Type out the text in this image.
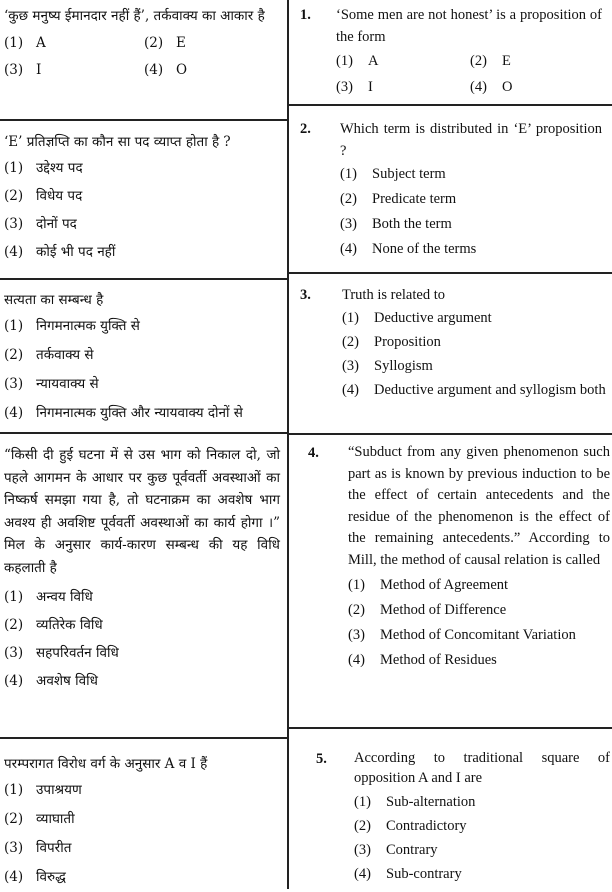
‘कुछ मनुष्य ईमानदार नहीं हैं’, तर्कवाक्य का आकार है

(1) A	(2) E
(3) I	(4) O

‘E’ प्रतिज्ञप्ति का कौन सा पद व्याप्त होता है ?

(1) उद्देश्य पद
(2) विधेय पद
(3) दोनों पद
(4) कोई भी पद नहीं

सत्यता का सम्बन्ध है

(1) निगमनात्मक युक्ति से
(2) तर्कवाक्य से
(3) न्यायवाक्य से
(4) निगमनात्मक युक्ति और न्यायवाक्य दोनों से

“किसी दी हुई घटना में से उस भाग को निकाल दो, जो पहले आगमन के आधार पर कुछ पूर्ववर्ती अवस्थाओं का निष्कर्ष समझा गया है, तो घटनाक्रम का अवशेष भाग अवश्य ही अवशिष्ट पूर्ववर्ती अवस्थाओं का कार्य होगा ।” मिल के अनुसार कार्य-कारण सम्बन्ध की यह विधि कहलाती है

(1) अन्वय विधि
(2) व्यतिरेक विधि
(3) सहपरिवर्तन विधि
(4) अवशेष विधि

परम्परागत विरोध वर्ग के अनुसार A व I हैं

(1) उपाश्रयण
(2) व्याघाती
(3) विपरीत
(4) विरुद्ध
1. ‘Some men are not honest’ is a proposition of the form

(1)	A	(2)	E
(3)	I	(4)	O
2. Which term is distributed in ‘E’ proposition ?

(1)	Subject term
(2)	Predicate term
(3)	Both the term
(4)	None of the terms
3. Truth is related to

(1)	Deductive argument
(2)	Proposition
(3)	Syllogism
(4)	Deductive argument and syllogism both
4. “Subduct from any given phenomenon such part as is known by previous induction to be the effect of certain antecedents and the residue of the phenomenon is the effect of the remaining antecedents.” According to Mill, the method of causal relation is called

(1)	Method of Agreement
(2)	Method of Difference
(3)	Method of Concomitant Variation
(4)	Method of Residues
5. According to traditional square of opposition A and I are

(1)	Sub-alternation
(2)	Contradictory
(3)	Contrary
(4)	Sub-contrary
